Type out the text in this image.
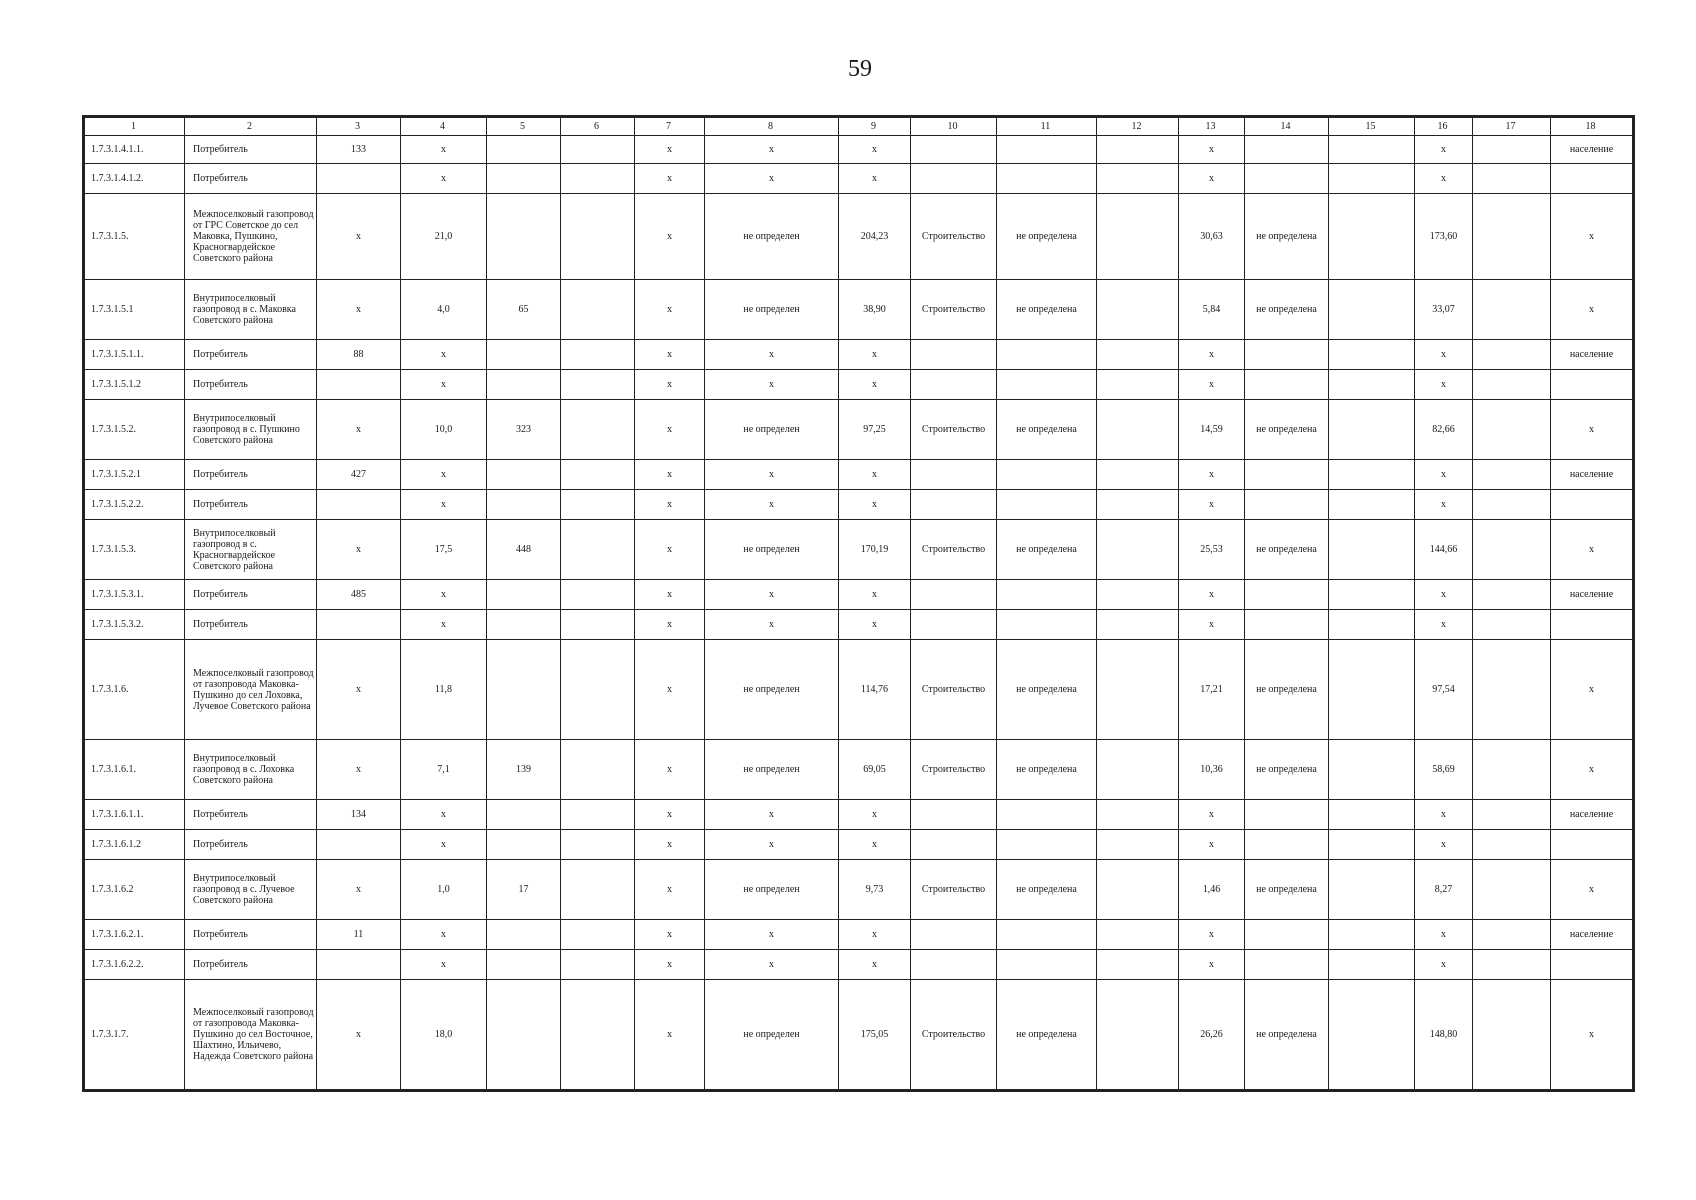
59
1	2	3	4	5	6	7	8	9	10	11	12	13	14	15	16	17	18
1.7.3.1.4.1.1.	Потребитель	133	x			x	x	x				x			x		население
1.7.3.1.4.1.2.	Потребитель		x			x	x	x				x			x		
1.7.3.1.5.	Межпоселковый газопровод от ГРС Советское до сел Маковка, Пушкино, Красногвардейское Советского района	x	21,0			x	не определен	204,23	Строительство	не определена		30,63	не определена		173,60		x
1.7.3.1.5.1	Внутрипоселковый газопровод в с. Маковка Советского района	x	4,0	65		x	не определен	38,90	Строительство	не определена		5,84	не определена		33,07		x
1.7.3.1.5.1.1.	Потребитель	88	x			x	x	x				x			x		население
1.7.3.1.5.1.2	Потребитель		x			x	x	x				x			x		
1.7.3.1.5.2.	Внутрипоселковый газопровод в с. Пушкино Советского района	x	10,0	323		x	не определен	97,25	Строительство	не определена		14,59	не определена		82,66		x
1.7.3.1.5.2.1	Потребитель	427	x			x	x	x				x			x		население
1.7.3.1.5.2.2.	Потребитель		x			x	x	x				x			x		
1.7.3.1.5.3.	Внутрипоселковый газопровод в с. Красногвардейское Советского района	x	17,5	448		x	не определен	170,19	Строительство	не определена		25,53	не определена		144,66		x
1.7.3.1.5.3.1.	Потребитель	485	x			x	x	x				x			x		население
1.7.3.1.5.3.2.	Потребитель		x			x	x	x				x			x		
1.7.3.1.6.	Межпоселковый газопровод от газопровода Маковка-Пушкино до сел Лоховка, Лучевое Советского района	x	11,8			x	не определен	114,76	Строительство	не определена		17,21	не определена		97,54		x
1.7.3.1.6.1.	Внутрипоселковый газопровод в с. Лоховка Советского района	x	7,1	139		x	не определен	69,05	Строительство	не определена		10,36	не определена		58,69		x
1.7.3.1.6.1.1.	Потребитель	134	x			x	x	x				x			x		население
1.7.3.1.6.1.2	Потребитель		x			x	x	x				x			x		
1.7.3.1.6.2	Внутрипоселковый газопровод в с. Лучевое Советского района	x	1,0	17		x	не определен	9,73	Строительство	не определена		1,46	не определена		8,27		x
1.7.3.1.6.2.1.	Потребитель	11	x			x	x	x				x			x		население
1.7.3.1.6.2.2.	Потребитель		x			x	x	x				x			x		
1.7.3.1.7.	Межпоселковый газопровод от газопровода Маковка-Пушкино до сел Восточное, Шахтино, Ильичево, Надежда Советского района	x	18,0			x	не определен	175,05	Строительство	не определена		26,26	не определена		148,80		x
